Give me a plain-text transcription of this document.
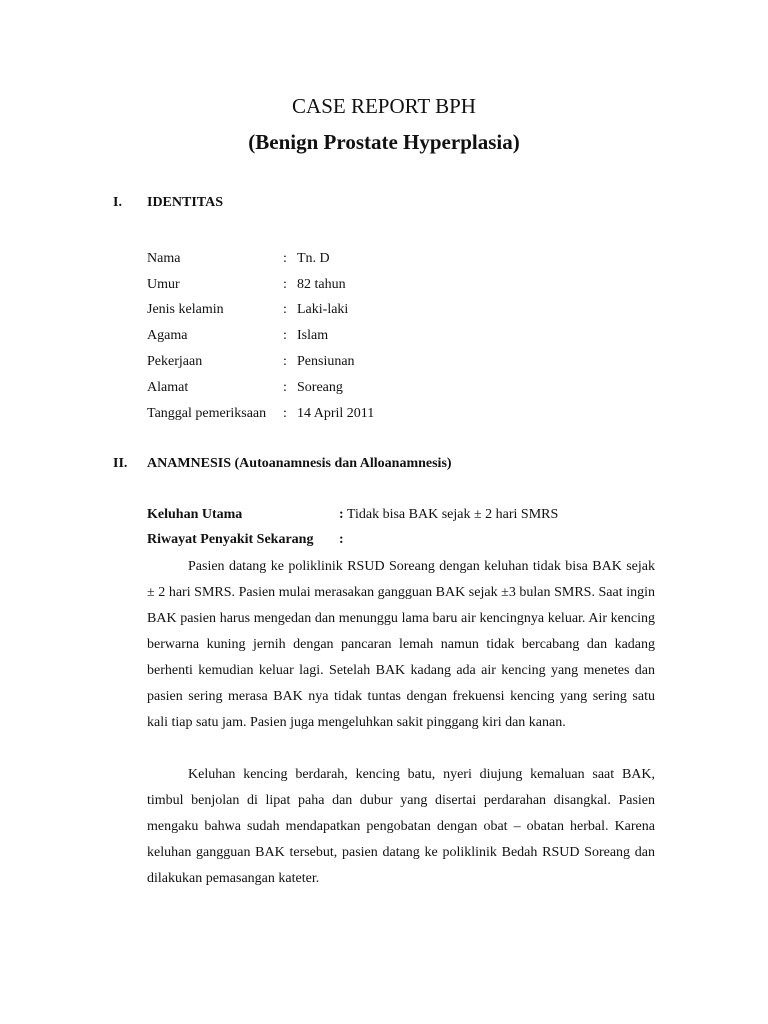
CASE REPORT BPH
(Benign Prostate Hyperplasia)
I. IDENTITAS
Nama	: Tn. D
Umur	: 82 tahun
Jenis kelamin	: Laki-laki
Agama	: Islam
Pekerjaan	: Pensiunan
Alamat	: Soreang
Tanggal pemeriksaan	: 14 April 2011
II. ANAMNESIS (Autoanamnesis dan Alloanamnesis)
Keluhan Utama	: Tidak bisa BAK sejak ± 2 hari SMRS
Riwayat Penyakit Sekarang :

Pasien datang ke poliklinik RSUD Soreang dengan keluhan tidak bisa BAK sejak ± 2 hari SMRS. Pasien mulai merasakan gangguan BAK sejak ±3 bulan SMRS. Saat ingin BAK pasien harus mengedan dan menunggu lama baru air kencingnya keluar. Air kencing berwarna kuning jernih dengan pancaran lemah namun tidak bercabang dan kadang berhenti kemudian keluar lagi. Setelah BAK kadang ada air kencing yang menetes dan pasien sering merasa BAK nya tidak tuntas dengan frekuensi kencing yang sering satu kali tiap satu jam. Pasien juga mengeluhkan sakit pinggang kiri dan kanan.

Keluhan kencing berdarah, kencing batu, nyeri diujung kemaluan saat BAK, timbul benjolan di lipat paha dan dubur yang disertai perdarahan disangkal. Pasien mengaku bahwa sudah mendapatkan pengobatan dengan obat – obatan herbal. Karena keluhan gangguan BAK tersebut, pasien datang ke poliklinik Bedah RSUD Soreang dan dilakukan pemasangan kateter.
